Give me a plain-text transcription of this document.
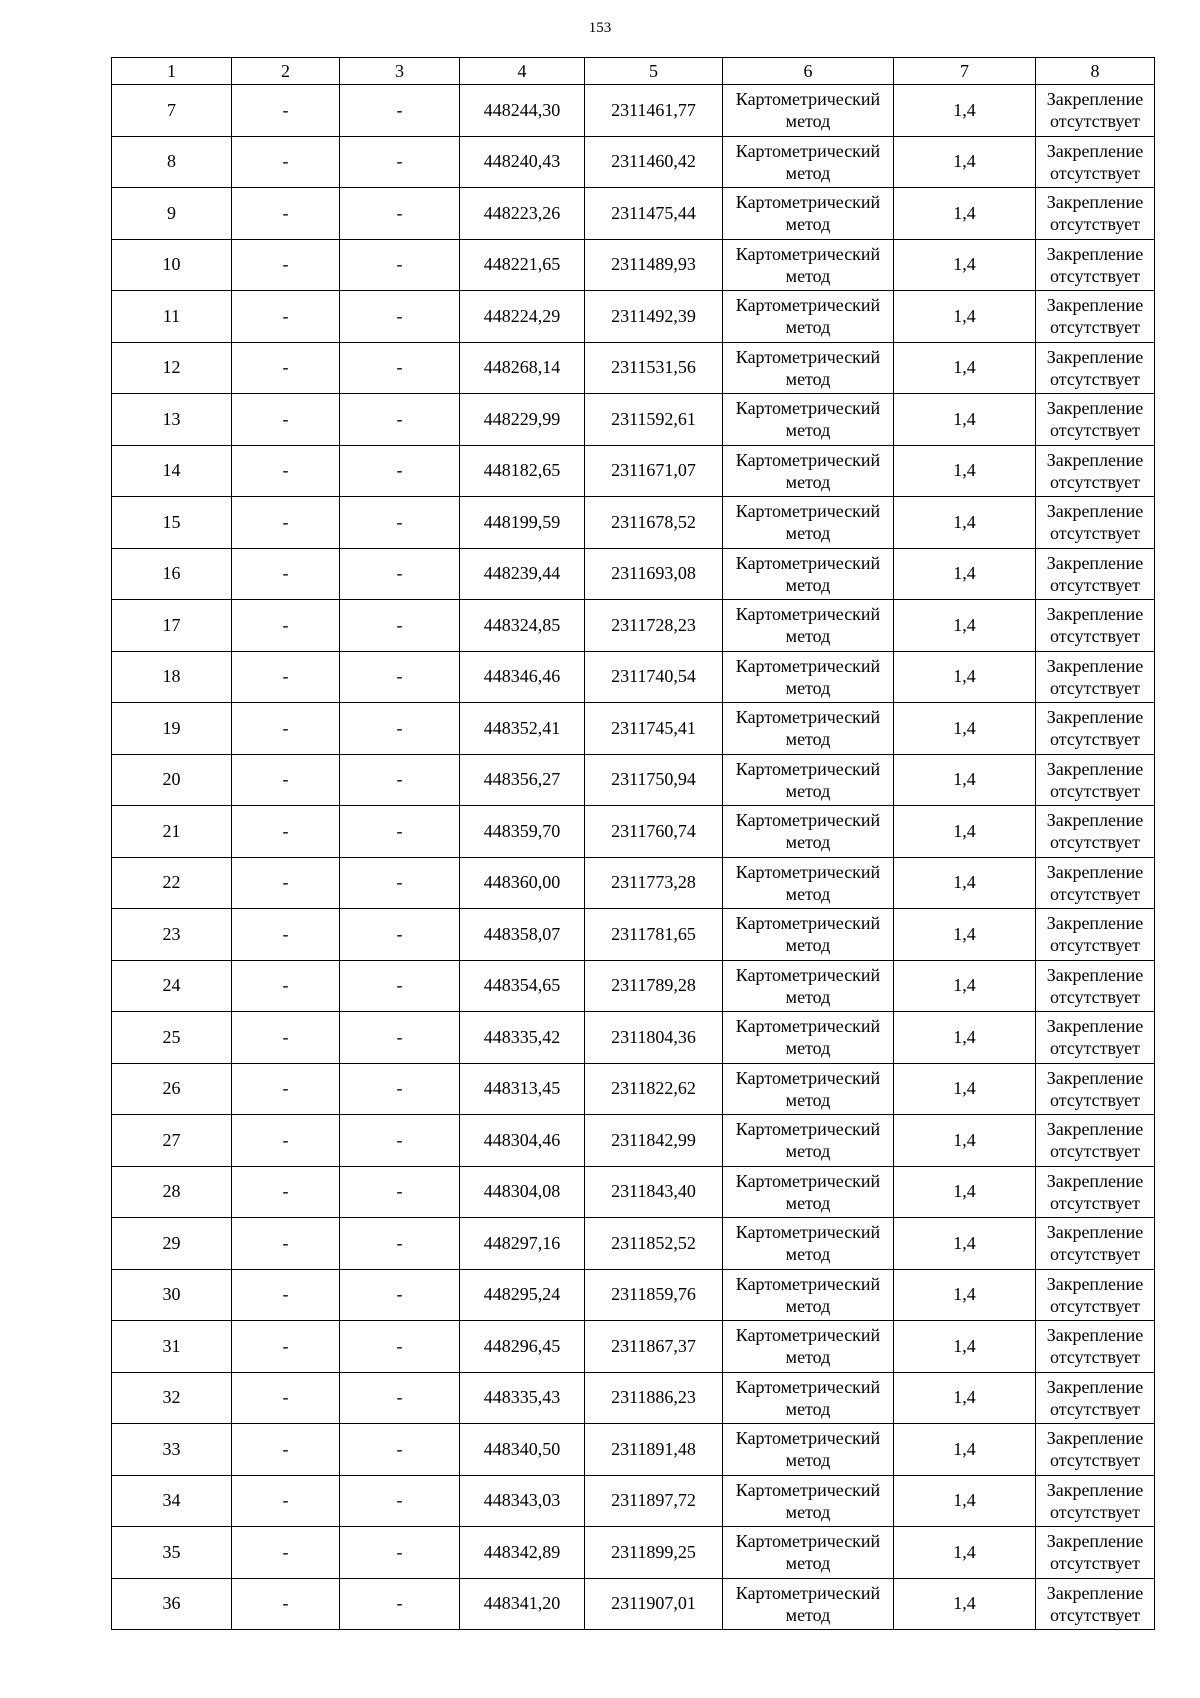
153
1	2	3	4	5	6	7	8
7	-	-	448244,30	2311461,77	Картометрический метод	1,4	Закрепление отсутствует
8	-	-	448240,43	2311460,42	Картометрический метод	1,4	Закрепление отсутствует
9	-	-	448223,26	2311475,44	Картометрический метод	1,4	Закрепление отсутствует
10	-	-	448221,65	2311489,93	Картометрический метод	1,4	Закрепление отсутствует
11	-	-	448224,29	2311492,39	Картометрический метод	1,4	Закрепление отсутствует
12	-	-	448268,14	2311531,56	Картометрический метод	1,4	Закрепление отсутствует
13	-	-	448229,99	2311592,61	Картометрический метод	1,4	Закрепление отсутствует
14	-	-	448182,65	2311671,07	Картометрический метод	1,4	Закрепление отсутствует
15	-	-	448199,59	2311678,52	Картометрический метод	1,4	Закрепление отсутствует
16	-	-	448239,44	2311693,08	Картометрический метод	1,4	Закрепление отсутствует
17	-	-	448324,85	2311728,23	Картометрический метод	1,4	Закрепление отсутствует
18	-	-	448346,46	2311740,54	Картометрический метод	1,4	Закрепление отсутствует
19	-	-	448352,41	2311745,41	Картометрический метод	1,4	Закрепление отсутствует
20	-	-	448356,27	2311750,94	Картометрический метод	1,4	Закрепление отсутствует
21	-	-	448359,70	2311760,74	Картометрический метод	1,4	Закрепление отсутствует
22	-	-	448360,00	2311773,28	Картометрический метод	1,4	Закрепление отсутствует
23	-	-	448358,07	2311781,65	Картометрический метод	1,4	Закрепление отсутствует
24	-	-	448354,65	2311789,28	Картометрический метод	1,4	Закрепление отсутствует
25	-	-	448335,42	2311804,36	Картометрический метод	1,4	Закрепление отсутствует
26	-	-	448313,45	2311822,62	Картометрический метод	1,4	Закрепление отсутствует
27	-	-	448304,46	2311842,99	Картометрический метод	1,4	Закрепление отсутствует
28	-	-	448304,08	2311843,40	Картометрический метод	1,4	Закрепление отсутствует
29	-	-	448297,16	2311852,52	Картометрический метод	1,4	Закрепление отсутствует
30	-	-	448295,24	2311859,76	Картометрический метод	1,4	Закрепление отсутствует
31	-	-	448296,45	2311867,37	Картометрический метод	1,4	Закрепление отсутствует
32	-	-	448335,43	2311886,23	Картометрический метод	1,4	Закрепление отсутствует
33	-	-	448340,50	2311891,48	Картометрический метод	1,4	Закрепление отсутствует
34	-	-	448343,03	2311897,72	Картометрический метод	1,4	Закрепление отсутствует
35	-	-	448342,89	2311899,25	Картометрический метод	1,4	Закрепление отсутствует
36	-	-	448341,20	2311907,01	Картометрический метод	1,4	Закрепление отсутствует
